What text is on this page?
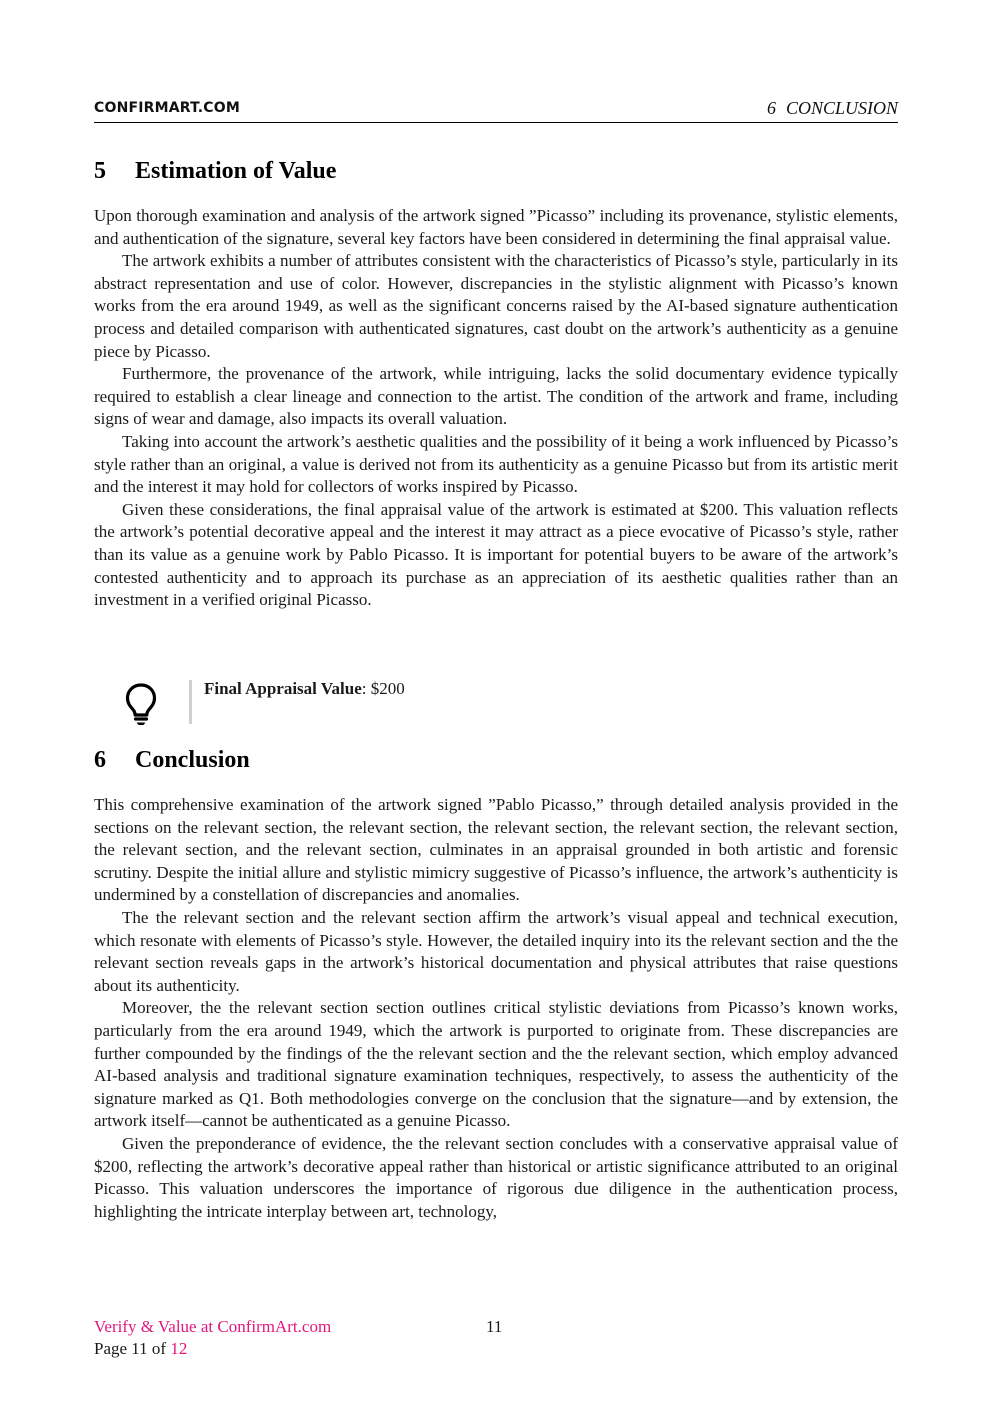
CONFIRMART.COM	6 CONCLUSION
5 Estimation of Value

Upon thorough examination and analysis of the artwork signed ”Picasso” including its provenance, stylistic elements, and authentication of the signature, several key factors have been considered in determining the final appraisal value.

The artwork exhibits a number of attributes consistent with the characteristics of Picasso’s style, particularly in its abstract representation and use of color. However, discrepancies in the stylistic alignment with Picasso’s known works from the era around 1949, as well as the significant concerns raised by the AI-based signature authentication process and detailed comparison with authenticated signatures, cast doubt on the artwork’s authenticity as a genuine piece by Picasso.

Furthermore, the provenance of the artwork, while intriguing, lacks the solid documentary evidence typically required to establish a clear lineage and connection to the artist. The condition of the artwork and frame, including signs of wear and damage, also impacts its overall valuation.

Taking into account the artwork’s aesthetic qualities and the possibility of it being a work influenced by Picasso’s style rather than an original, a value is derived not from its authenticity as a genuine Picasso but from its artistic merit and the interest it may hold for collectors of works inspired by Picasso.

Given these considerations, the final appraisal value of the artwork is estimated at $200. This valuation reflects the artwork’s potential decorative appeal and the interest it may attract as a piece evocative of Picasso’s style, rather than its value as a genuine work by Pablo Picasso. It is important for potential buyers to be aware of the artwork’s contested authenticity and to approach its purchase as an appreciation of its aesthetic qualities rather than an investment in a verified original Picasso.

Final Appraisal Value: $200
6 Conclusion

This comprehensive examination of the artwork signed ”Pablo Picasso,” through detailed analysis provided in the sections on the relevant section, the relevant section, the relevant section, the relevant section, the relevant section, the relevant section, and the relevant section, culminates in an appraisal grounded in both artistic and forensic scrutiny. Despite the initial allure and stylistic mimicry suggestive of Picasso’s influence, the artwork’s authenticity is undermined by a constellation of discrepancies and anomalies.

The the relevant section and the relevant section affirm the artwork’s visual appeal and technical execution, which resonate with elements of Picasso’s style. However, the detailed inquiry into its the relevant section and the the relevant section reveals gaps in the artwork’s historical documentation and physical attributes that raise questions about its authenticity.

Moreover, the the relevant section section outlines critical stylistic deviations from Picasso’s known works, particularly from the era around 1949, which the artwork is purported to originate from. These discrepancies are further compounded by the findings of the the relevant section and the the relevant section, which employ advanced AI-based analysis and traditional signature examination techniques, respectively, to assess the authenticity of the signature marked as Q1. Both methodologies converge on the conclusion that the signature—and by extension, the artwork itself—cannot be authenticated as a genuine Picasso.

Given the preponderance of evidence, the the relevant section concludes with a conservative appraisal value of $200, reflecting the artwork’s decorative appeal rather than historical or artistic significance attributed to an original Picasso. This valuation underscores the importance of rigorous due diligence in the authentication process, highlighting the intricate interplay between art, technology,

Verify & Value at ConfirmArt.com
Page 11 of 12
11
